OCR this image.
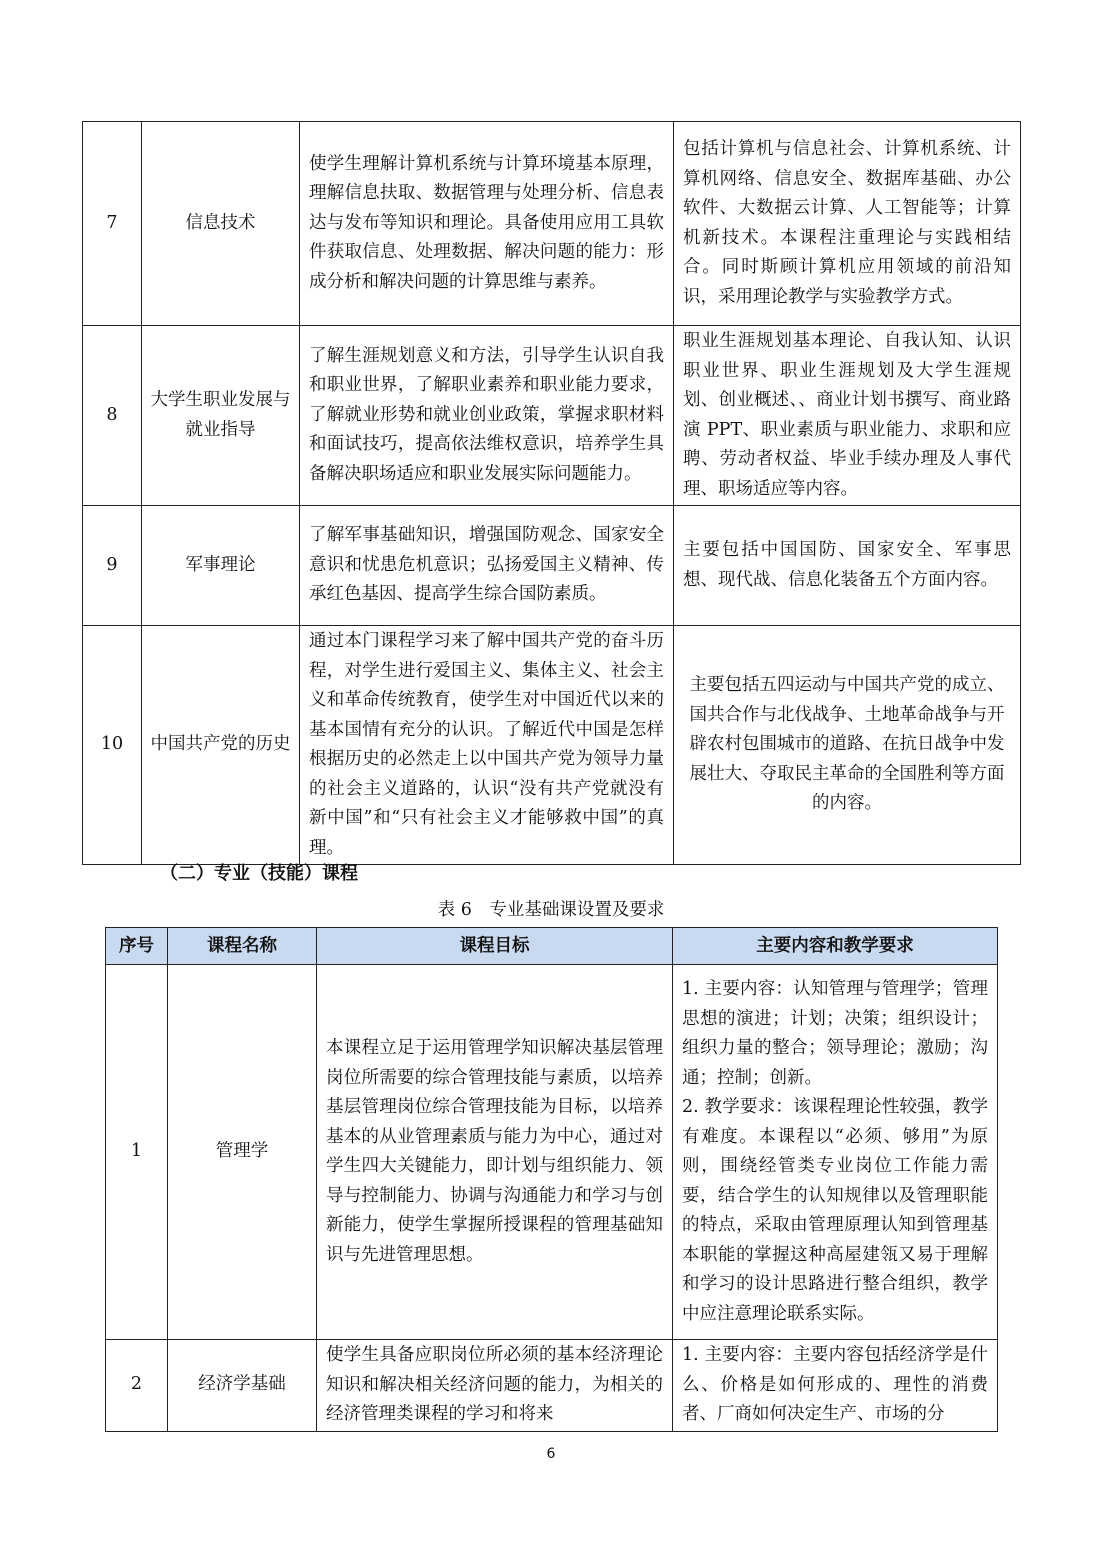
7	信息技术	使学生理解计算机系统与计算环境基本原理，理解信息扶取、数据管理与处理分析、信息表达与发布等知识和理论。具备使用应用工具软件获取信息、处理数据、解决问题的能力：形成分析和解决问题的计算思维与素养。	包括计算机与信息社会、计算机系统、计算机网络、信息安全、数据库基础、办公软件、大数据云计算、人工智能等；计算机新技术。本课程注重理论与实践相结合。同时斯顾计算机应用领域的前沿知识，采用理论教学与实验教学方式。
8	大学生职业发展与就业指导	了解生涯规划意义和方法，引导学生认识自我和职业世界，了解职业素养和职业能力要求，了解就业形势和就业创业政策，掌握求职材料和面试技巧，提高依法维权意识，培养学生具备解决职场适应和职业发展实际问题能力。	职业生涯规划基本理论、自我认知、认识职业世界、职业生涯规划及大学生涯规划、创业概述、、商业计划书撰写、商业路演 PPT、职业素质与职业能力、求职和应聘、劳动者权益、毕业手续办理及人事代理、职场适应等内容。
9	军事理论	了解军事基础知识，增强国防观念、国家安全意识和忧患危机意识；弘扬爱国主义精神、传承红色基因、提高学生综合国防素质。	主要包括中国国防、国家安全、军事思想、现代战、信息化装备五个方面内容。
10	中国共产党的历史	通过本门课程学习来了解中国共产党的奋斗历程，对学生进行爱国主义、集体主义、社会主义和革命传统教育，使学生对中国近代以来的基本国情有充分的认识。了解近代中国是怎样根据历史的必然走上以中国共产党为领导力量的社会主义道路的，认识“没有共产党就没有新中国”和“只有社会主义才能够救中国”的真理。	主要包括五四运动与中国共产党的成立、国共合作与北伐战争、土地革命战争与开辟农村包围城市的道路、在抗日战争中发展壮大、夺取民主革命的全国胜利等方面的内容。
（二）专业（技能）课程
表 6　专业基础课设置及要求
序号	课程名称	课程目标	主要内容和教学要求
1	管理学	本课程立足于运用管理学知识解决基层管理岗位所需要的综合管理技能与素质，以培养基层管理岗位综合管理技能为目标，以培养基本的从业管理素质与能力为中心，通过对学生四大关键能力，即计划与组织能力、领导与控制能力、协调与沟通能力和学习与创新能力，使学生掌握所授课程的管理基础知识与先进管理思想。	1. 主要内容：认知管理与管理学；管理思想的演进；计划；决策；组织设计；组织力量的整合；领导理论；激励；沟通；控制；创新。
2. 教学要求：该课程理论性较强，教学有难度。本课程以“必须、够用”为原则，围绕经管类专业岗位工作能力需要，结合学生的认知规律以及管理职能的特点，采取由管理原理认知到管理基本职能的掌握这种高屋建瓴又易于理解和学习的设计思路进行整合组织，教学中应注意理论联系实际。

2	经济学基础	使学生具备应职岗位所必须的基本经济理论知识和解决相关经济问题的能力，为相关的经济管理类课程的学习和将来	1. 主要内容：主要内容包括经济学是什么、价格是如何形成的、理性的消费者、厂商如何决定生产、市场的分
6
